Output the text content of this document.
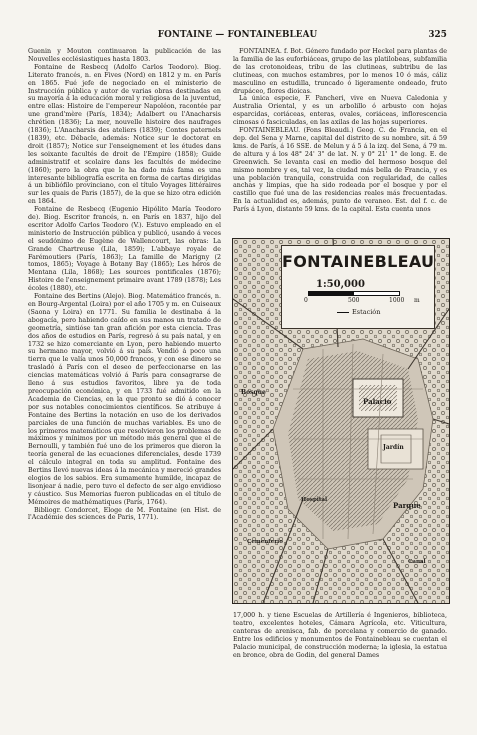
FONTAINE — FONTAINEBLEAU	325

Guenin y Mouton continuaron la publicación de las Nouvelles ecclésiastiques hasta 1803.

Fontaine de Resbecq (Adolfo Carlos Teodoro). Biog. Literato francés, n. en Fives (Nord) en 1812 y m. en París en 1865. Fué jefe de negociado en el ministerio de Instrucción pública y autor de varias obras destinadas en su mayoría á la educación moral y religiosa de la juventud, entre ellas: Histoire de l'empereur Napoléon, racontée par une grand'mère (París, 1834); Adalbert ou l'Anacharsis chrétien (1836); La mer, nouvelle histoire des naufrages (1836); L'Anacharsis des ateliers (1839); Contes paternels (1839), etc. Débacle, además: Notice sur le doctorat en droit (1857); Notice sur l'enseignement et les études dans les soixante facultés de droit de l'Empire (1858); Guide administratif et scolaire dans les facultés de médecine (1860); pero la obra que le ha dado más fama es una interesante bibliografía escrita en forma de cartas dirigidas á un bibliófilo provinciano, con el título Voyages littéraires sur les quais de Paris (1857), de la que se hizo otra edición en 1864.

Fontaine de Resbecq (Eugenio Hipólito María Teodoro de). Biog. Escritor francés, n. en París en 1837, hijo del escritor Adolfo Carlos Teodoro (V.). Estuvo empleado en el ministerio de Instrucción pública y publicó, usando á veces el seudónimo de Eugène de Wallencourt, las obras: La Grande Chartreuse (Lila, 1859); L'abbaye royale de Farémoutiers (París, 1863); La famille de Marigny (2 tomos, 1865); Voyage à Botany Bay (1865); Les héros de Mentana (Lila, 1868); Les sources pontificales (1876); Histoire de l'enseignement primaire avant 1789 (1878); Les écoles (1880), etc.

Fontaine des Bertins (Alejo). Biog. Matemático francés, n. en Bourg-Argental (Loira) por el año 1705 y m. en Cuiseaux (Saona y Loira) en 1771. Su familia le destinaba á la abogacía, pero habiendo caído en sus manos un tratado de geometría, sintióse tan gran afición por esta ciencia. Tras dos años de estudios en París, regresó á su país natal, y en 1732 se hizo comerciante en Lyon, pero habiendo muerto su hermano mayor, volvió á su país. Vendió á poco una tierra que le valía unos 50,000 francos, y con ese dinero se trasladó á París con el deseo de perfeccionarse en las ciencias matemáticas volvió á París para consagrarse de lleno á sus estudios favoritos, libre ya de toda preocupación económica, y en 1733 fué admitido en la Academia de Ciencias, en la que pronto se dió á conocer por sus notables conocimientos científicos. Se atribuye á Fontaine des Bertins la notación en uso de los derivados parciales de una función de muchas variables. Es uno de los primeros matemáticos que resolvieron los problemas de máximos y mínimos por un método más general que el de Bernoulli, y también fué uno de los primeros que dieron la teoría general de las ecuaciones diferenciales, desde 1739 el cálculo integral en toda su amplitud. Fontaine des Bertins llevó nuevas ideas á la mecánica y mereció grandes elogios de los sabios. Era sumamente humilde, incapaz de lisonjear á nadie, pero tuvo el defecto de ser algo envidioso y cáustico. Sus Memorias fueron publicadas en el título de Mémoires de mathématiques (París, 1764).

Bibliogr. Condorcet, Eloge de M. Fontaine (en Hist. de l'Académie des sciences de Paris, 1771).

FONTAINEA. f. Bot. Género fundado por Heckel para plantas de la familia de las euforbiáceas, grupo de las platilobeas, subfamilia de las crotonoideas, tribu de las clutineas, subtribu de las clutineas, con muchos estambres, por lo menos 10 ó más, cáliz masculino en estudilla, truncado ó ligeramente ondeado, fruto drupáceo, flores dioicas.

La única especie, F. Pancheri, vive en Nueva Caledonia y Australia Oriental, y es un arbolillo ó arbusto con hojas esparcidas, coriáceas, enteras, ovales, coriáceas, inflorescencia cimosas ó fasciculadas, en las axilas de las hojas superiores.

FONTAINEBLEAU. (Fons Bleaudi.) Geog. C. de Francia, en el dep. del Sena y Marne, capital del distrito de su nombre, sit. á 59 kms. de París, á 16 SSE. de Melun y á 5 á la izq. del Sena, á 79 m. de altura y á los 48° 24' 3" de lat. N. y 0° 21' 1" de long. E. de Greenwich. Se levanta casi en medio del hermoso bosque del mismo nombre y es, tal vez, la ciudad más bella de Francia, y es una población tranquila, construida con regularidad, de calles anchas y limpias, que ha sido rodeada por el bosque y por el castillo que fué una de las residencias reales más frecuentadas. En la actualidad es, además, punto de veraneo. Est. del f. c. de París á Lyon, distante 59 kms. de la capital. Esta cuenta unos

FONTAINEBLEAU
1:50,000
0	500	1000 m
Estación
Palacio
Parque
Jardín
Bosque
Canal
Cementerio
Hospital

17,000 h. y tiene Escuelas de Artillería é Ingenieros, biblioteca, teatro, excelentes hoteles, Cámara Agrícola, etc. Viticultura, canteras de arenisca, fab. de porcelana y comercio de ganado. Entre los edificios y monumentos de Fontainebleau se cuentan el Palacio municipal, de construcción moderna; la iglesia, la estatua en bronce, obra de Godin, del general Dames
